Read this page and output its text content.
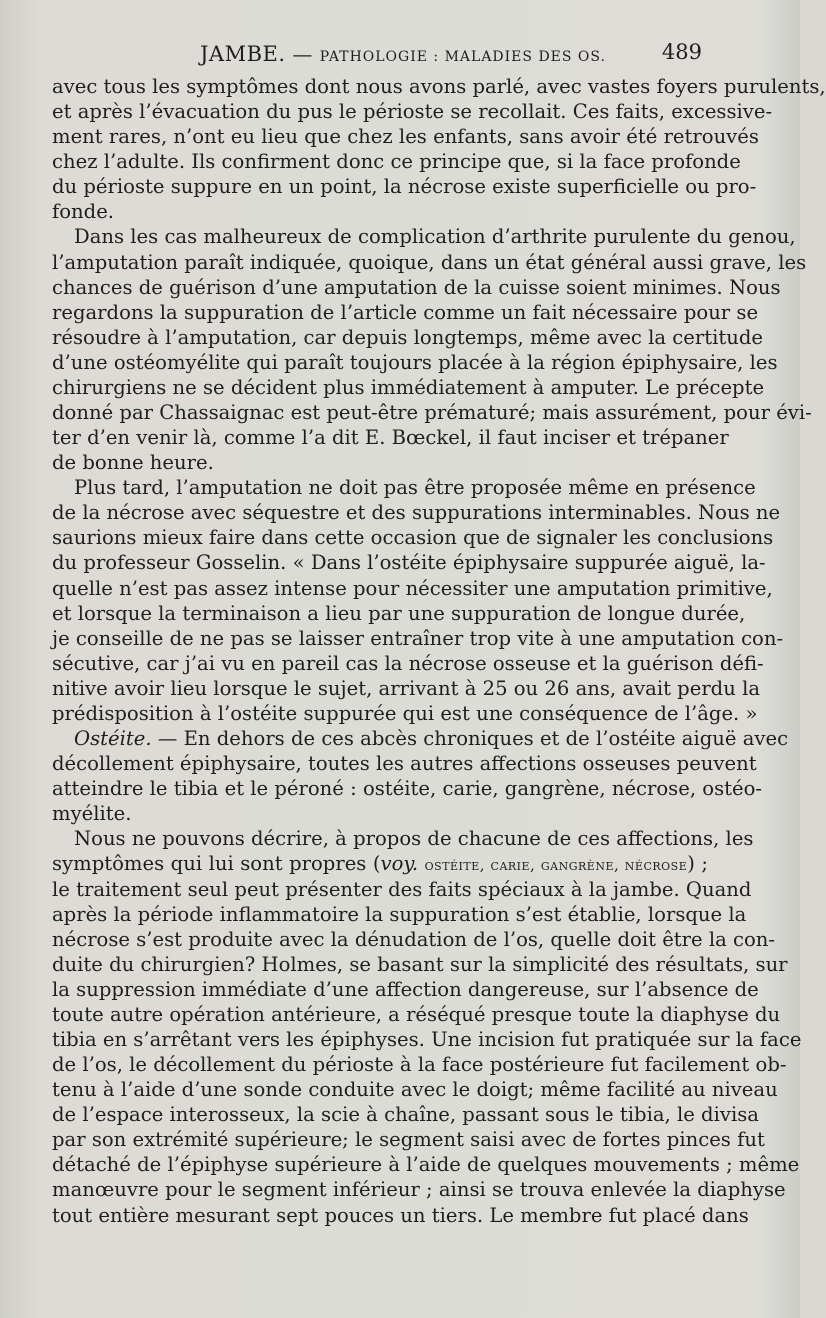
JAMBE. — PATHOLOGIE : MALADIES DES OS.	489
avec tous les symptômes dont nous avons parlé, avec vastes foyers purulents,
et après l’évacuation du pus le périoste se recollait. Ces faits, excessive-
ment rares, n’ont eu lieu que chez les enfants, sans avoir été retrouvés
chez l’adulte. Ils confirment donc ce principe que, si la face profonde
du périoste suppure en un point, la nécrose existe superficielle ou pro-
fonde.
Dans les cas malheureux de complication d’arthrite purulente du genou,
l’amputation paraît indiquée, quoique, dans un état général aussi grave, les
chances de guérison d’une amputation de la cuisse soient minimes. Nous
regardons la suppuration de l’article comme un fait nécessaire pour se
résoudre à l’amputation, car depuis longtemps, même avec la certitude
d’une ostéomyélite qui paraît toujours placée à la région épiphysaire, les
chirurgiens ne se décident plus immédiatement à amputer. Le précepte
donné par Chassaignac est peut-être prématuré; mais assurément, pour évi-
ter d’en venir là, comme l’a dit E. Bœckel, il faut inciser et trépaner
de bonne heure.
Plus tard, l’amputation ne doit pas être proposée même en présence
de la nécrose avec séquestre et des suppurations interminables. Nous ne
saurions mieux faire dans cette occasion que de signaler les conclusions
du professeur Gosselin. « Dans l’ostéite épiphysaire suppurée aiguë, la-
quelle n’est pas assez intense pour nécessiter une amputation primitive,
et lorsque la terminaison a lieu par une suppuration de longue durée,
je conseille de ne pas se laisser entraîner trop vite à une amputation con-
sécutive, car j’ai vu en pareil cas la nécrose osseuse et la guérison défi-
nitive avoir lieu lorsque le sujet, arrivant à 25 ou 26 ans, avait perdu la
prédisposition à l’ostéite suppurée qui est une conséquence de l’âge. »
Ostéite. — En dehors de ces abcès chroniques et de l’ostéite aiguë avec
décollement épiphysaire, toutes les autres affections osseuses peuvent
atteindre le tibia et le péroné : ostéite, carie, gangrène, nécrose, ostéo-
myélite.
Nous ne pouvons décrire, à propos de chacune de ces affections, les
symptômes qui lui sont propres (voy. ostéite, carie, gangrène, nécrose) ;
le traitement seul peut présenter des faits spéciaux à la jambe. Quand
après la période inflammatoire la suppuration s’est établie, lorsque la
nécrose s’est produite avec la dénudation de l’os, quelle doit être la con-
duite du chirurgien? Holmes, se basant sur la simplicité des résultats, sur
la suppression immédiate d’une affection dangereuse, sur l’absence de
toute autre opération antérieure, a réséqué presque toute la diaphyse du
tibia en s’arrêtant vers les épiphyses. Une incision fut pratiquée sur la face
de l’os, le décollement du périoste à la face postérieure fut facilement ob-
tenu à l’aide d’une sonde conduite avec le doigt; même facilité au niveau
de l’espace interosseux, la scie à chaîne, passant sous le tibia, le divisa
par son extrémité supérieure; le segment saisi avec de fortes pinces fut
détaché de l’épiphyse supérieure à l’aide de quelques mouvements ; même
manœuvre pour le segment inférieur ; ainsi se trouva enlevée la diaphyse
tout entière mesurant sept pouces un tiers. Le membre fut placé dans
